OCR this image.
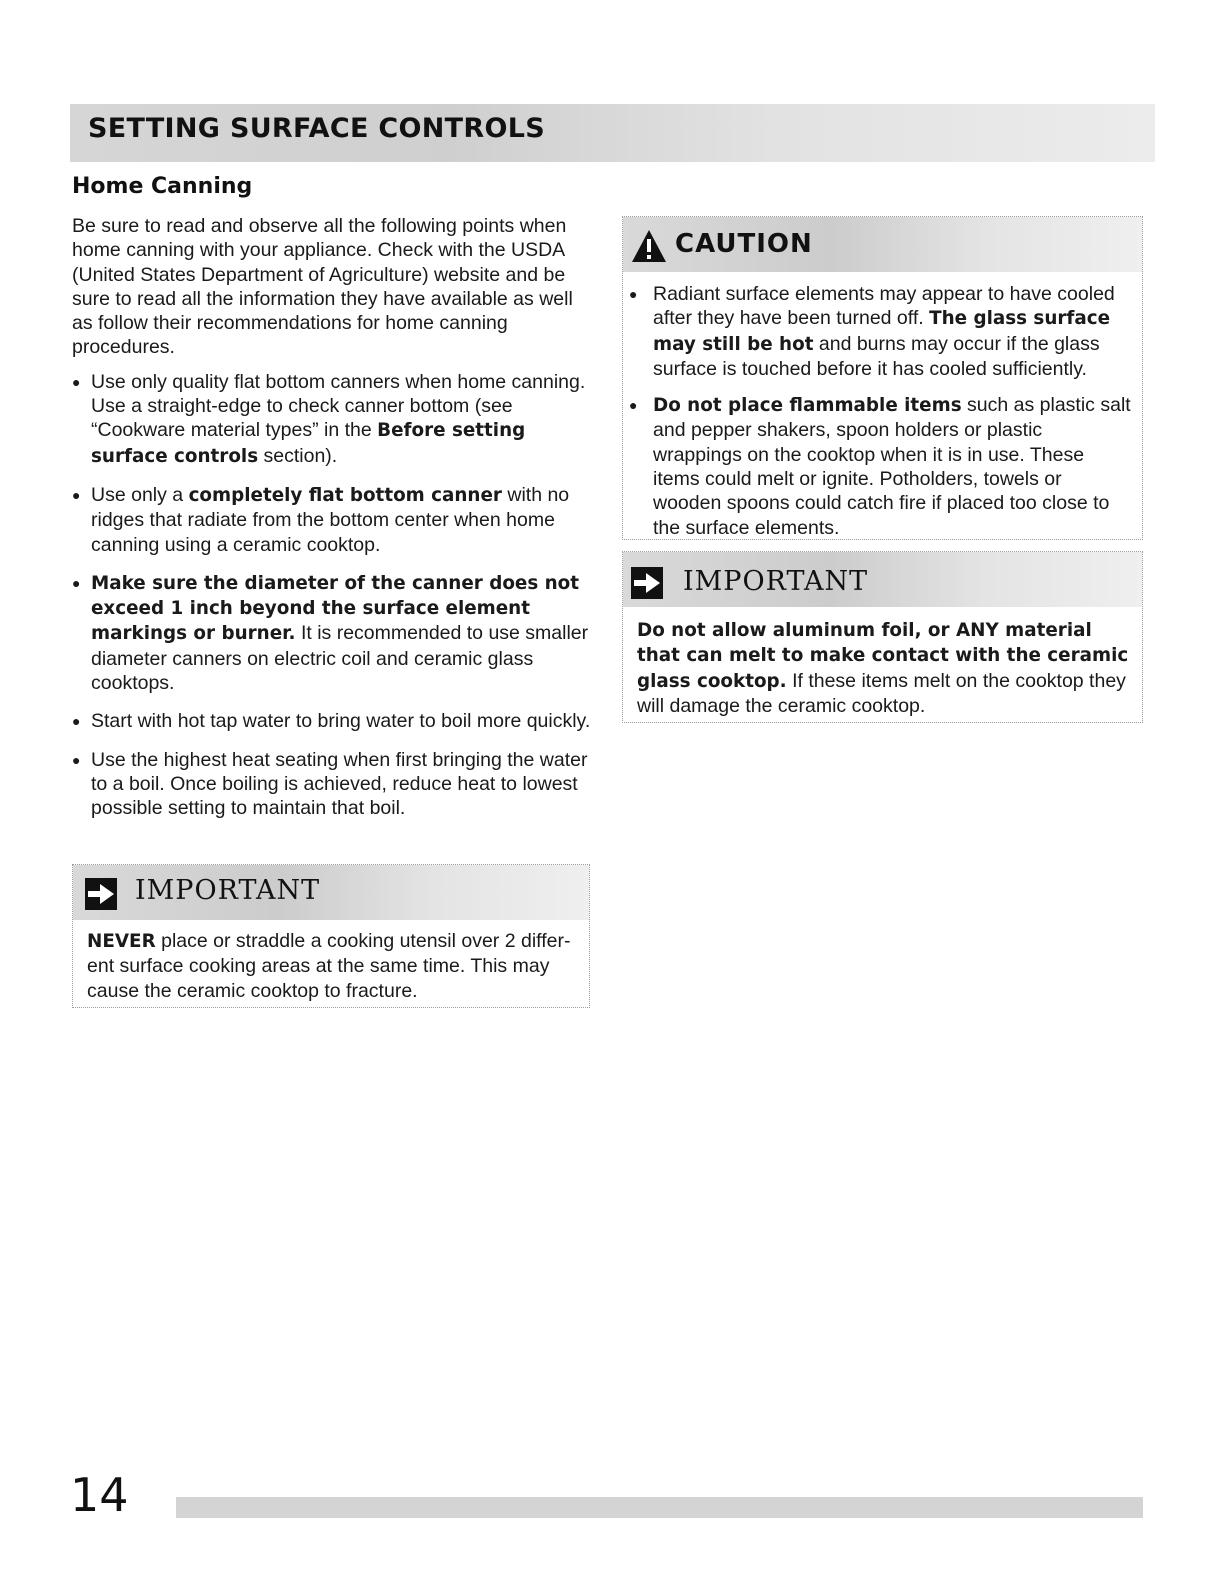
SETTING SURFACE CONTROLS
Home Canning

Be sure to read and observe all the following points when home canning with your appliance. Check with the USDA (United States Department of Agriculture) website and be sure to read all the information they have available as well as follow their recommendations for home canning procedures.

● Use only quality flat bottom canners when home canning. Use a straight-edge to check canner bottom (see “Cookware material types” in the Before setting surface controls section).
● Use only a completely flat bottom canner with no ridges that radiate from the bottom center when home canning using a ceramic cooktop.
● Make sure the diameter of the canner does not exceed 1 inch beyond the surface element markings or burner. It is recommended to use smaller diameter canners on electric coil and ceramic glass cooktops.
● Start with hot tap water to bring water to boil more quickly.
● Use the highest heat seating when first bringing the water to a boil. Once boiling is achieved, reduce heat to lowest possible setting to maintain that boil.
IMPORTANT
NEVER place or straddle a cooking utensil over 2 differ-ent surface cooking areas at the same time. This may cause the ceramic cooktop to fracture.
CAUTION
● Radiant surface elements may appear to have cooled after they have been turned off. The glass surface may still be hot and burns may occur if the glass surface is touched before it has cooled sufficiently.
● Do not place flammable items such as plastic salt and pepper shakers, spoon holders or plastic wrappings on the cooktop when it is in use. These items could melt or ignite. Potholders, towels or wooden spoons could catch fire if placed too close to the surface elements.
IMPORTANT
Do not allow aluminum foil, or ANY material that can melt to make contact with the ceramic glass cooktop. If these items melt on the cooktop they will damage the ceramic cooktop.
14
